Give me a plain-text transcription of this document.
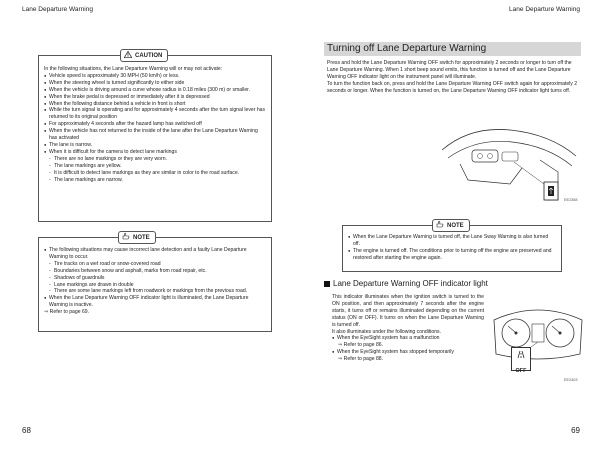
Lane Departure Warning	Lane Departure Warning

In the following situations, the Lane Departure Warning will or may not activate:

● Vehicle speed is approximately 30 MPH (50 km/h) or less.

● When the steering wheel is turned significantly to either side

● When the vehicle is driving around a curve whose radius is 0.18 miles (300 m) or smaller.

● When the brake pedal is depressed or immediately after it is depressed

● When the following distance behind a vehicle in front is short

● While the turn signal is operating and for approximately 4 seconds after the turn signal lever has returned to its original position

● For approximately 4 seconds after the hazard lamp has switched off

● When the vehicle has not returned to the inside of the lane after the Lane Departure Warning has activated

● The lane is narrow.

● When it is difficult for the camera to detect lane markings

- There are no lane markings or they are very worn.

- The lane markings are yellow.

- It is difficult to detect lane markings as they are similar in color to the road surface.

- The lane markings are narrow.

CAUTION

● The following situations may cause incorrect lane detection and a faulty Lane Departure Warning to occur.

- Tire tracks on a wet road or snow-covered road

- Boundaries between snow and asphalt, marks from road repair, etc.

- Shadows of guardrails

- Lane markings are drawn in double

- There are some lane markings left from roadwork or markings from the previous road.

● When the Lane Departure Warning OFF indicator light is illuminated, the Lane Departure Warning is inactive.

⇒ Refer to page 69.

NOTE
68
Turning off Lane Departure Warning

Press and hold the Lane Departure Warning OFF switch for approximately 2 seconds or longer to turn off the Lane Departure Warning. When 1 short beep sound emits, this function is turned off and the Lane Departure Warning OFF indicator light on the instrument panel will illuminate.

To turn the function back on, press and hold the Lane Departure Warning OFF switch again for approximately 2 seconds or longer. When the function is turned on, the Lane Departure Warning OFF indicator light turns off.

EE2368

● When the Lane Departure Warning is turned off, the Lane Sway Warning is also turned off.

● The engine is turned off. The conditions prior to turning off the engine are preserved and restored after starting the engine again.

NOTE
Lane Departure Warning OFF indicator light

This indicator illuminates when the ignition switch is turned to the ON position, and then approximately 7 seconds after the engine starts, it turns off or remains illuminated depending on the current status (ON or OFF). It turns on when the Lane Departure Warning is turned off.

It also illuminates under the following conditions.

● When the EyeSight system has a malfunction

⇒ Refer to page 86.

● When the EyeSight system has stopped temporarily

⇒ Refer to page 88.

OFF
EE2403
69
